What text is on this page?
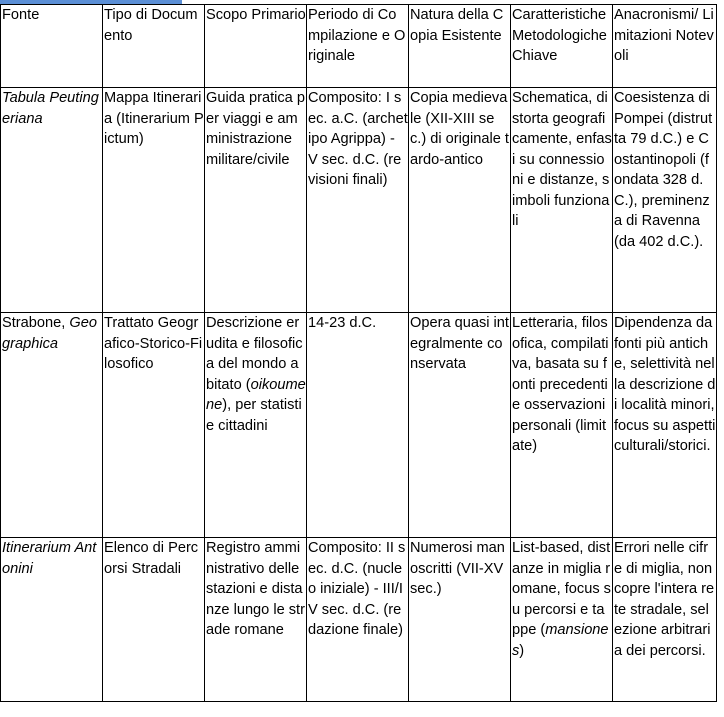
Fonte	Tipo di Documento	Scopo Primario	Periodo di Compilazione e Originale	Natura della Copia Esistente	Caratteristiche Metodologiche Chiave	Anacronismi/ Limitazioni Notevoli
Tabula Peutingeriana	Mappa Itineraria (Itinerarium Pictum)	Guida pratica per viaggi e amministrazione militare/civile	Composito: I sec. a.C. (archetipo Agrippa) - V sec. d.C. (revisioni finali)	Copia medievale (XII-XIII sec.) di originale tardo-antico	Schematica, distorta geograficamente, enfasi su connessioni e distanze, simboli funzionali	Coesistenza di Pompei (distrutta 79 d.C.) e Costantinopoli (fondata 328 d.C.), preminenza di Ravenna (da 402 d.C.).
Strabone, Geographica	Trattato Geografico-Storico-Filosofico	Descrizione erudita e filosofica del mondo abitato (oikoumene), per statisti e cittadini	14-23 d.C.	Opera quasi integralmente conservata	Letteraria, filosofica, compilativa, basata su fonti precedenti e osservazioni personali (limitate)	Dipendenza da fonti più antiche, selettività nella descrizione di località minori, focus su aspetti culturali/storici.
Itinerarium Antonini	Elenco di Percorsi Stradali	Registro amministrativo delle stazioni e distanze lungo le strade romane	Composito: II sec. d.C. (nucleo iniziale) - III/IV sec. d.C. (redazione finale)	Numerosi manoscritti (VII-XV sec.)	List-based, distanze in miglia romane, focus su percorsi e tappe (mansiones)	Errori nelle cifre di miglia, non copre l'intera rete stradale, selezione arbitraria dei percorsi.
